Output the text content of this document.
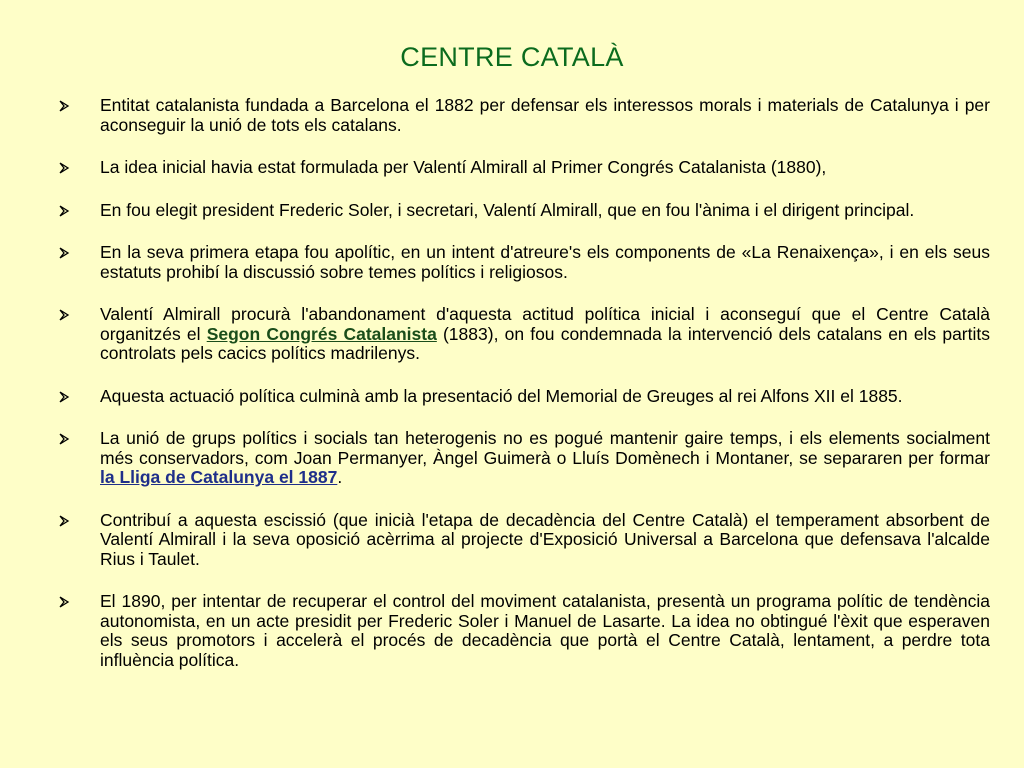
CENTRE CATALÀ
Entitat catalanista fundada a Barcelona el 1882 per defensar els interessos morals i materials de Catalunya i per aconseguir la unió de tots els catalans.
La idea inicial havia estat formulada per Valentí Almirall al Primer Congrés Catalanista (1880),
En fou elegit president Frederic Soler, i secretari, Valentí Almirall, que en fou l'ànima i el dirigent principal.
En la seva primera etapa fou apolític, en un intent d'atreure's els components de «La Renaixença», i en els seus estatuts prohibí la discussió sobre temes polítics i religiosos.
Valentí Almirall procurà l'abandonament d'aquesta actitud política inicial i aconseguí que el Centre Català organitzés el Segon Congrés Catalanista (1883), on fou condemnada la intervenció dels catalans en els partits controlats pels cacics polítics madrilenys.
Aquesta actuació política culminà amb la presentació del Memorial de Greuges al rei Alfons XII el 1885.
La unió de grups polítics i socials tan heterogenis no es pogué mantenir gaire temps, i els elements socialment més conservadors, com Joan Permanyer, Àngel Guimerà o Lluís Domènech i Montaner, se separaren per formar la Lliga de Catalunya el 1887.
Contribuí a aquesta escissió (que inicià l'etapa de decadència del Centre Català) el temperament absorbent de Valentí Almirall i la seva oposició acèrrima al projecte d'Exposició Universal a Barcelona que defensava l'alcalde Rius i Taulet.
El 1890, per intentar de recuperar el control del moviment catalanista, presentà un programa polític de tendència autonomista, en un acte presidit per Frederic Soler i Manuel de Lasarte. La idea no obtingué l'èxit que esperaven els seus promotors i accelerà el procés de decadència que portà el Centre Català, lentament, a perdre tota influència política.
